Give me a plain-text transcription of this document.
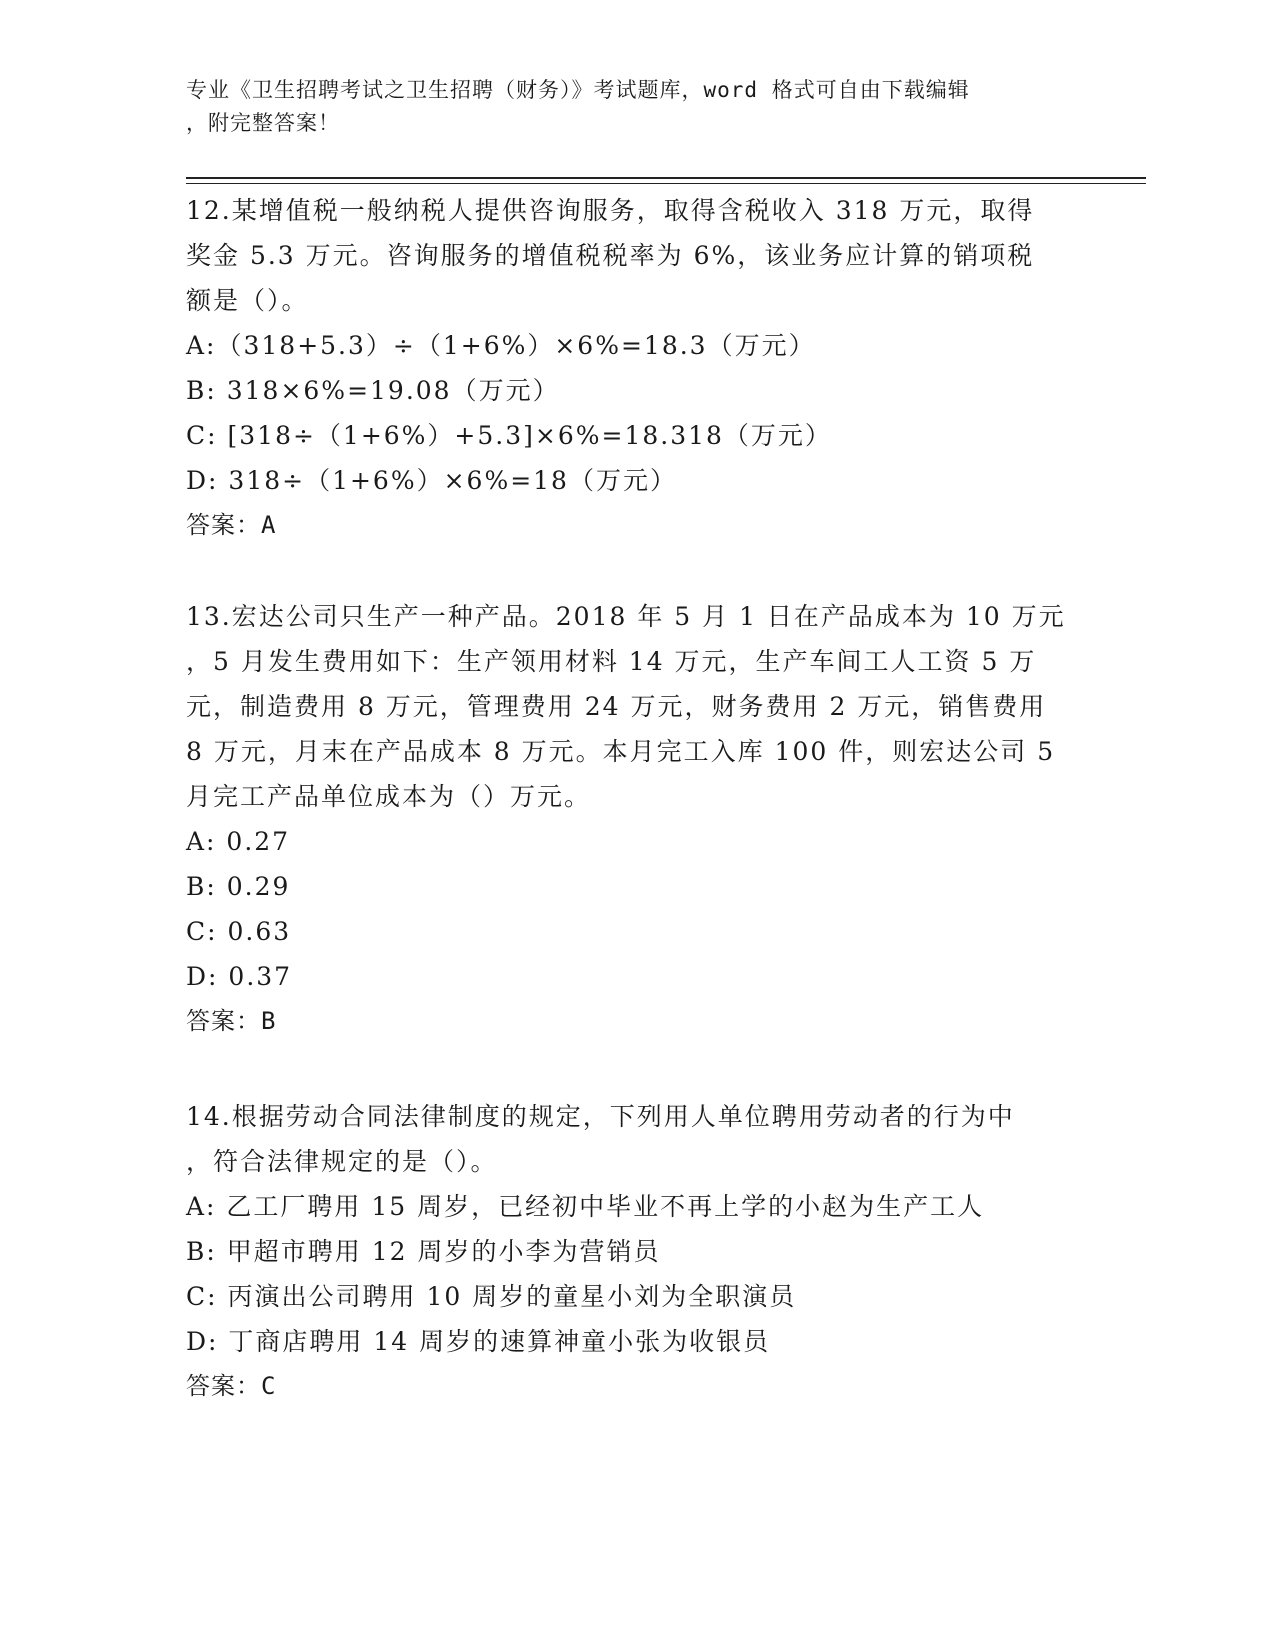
专业《卫生招聘考试之卫生招聘（财务）》考试题库，word 格式可自由下载编辑

，附完整答案！

12.某增值税一般纳税人提供咨询服务，取得含税收入 318 万元，取得
奖金 5.3 万元。咨询服务的增值税税率为 6%，该业务应计算的销项税
额是（）。

A:（318+5.3）÷（1+6%）×6%=18.3（万元）

B: 318×6%=19.08（万元）

C: [318÷（1+6%）+5.3]×6%=18.318（万元）

D: 318÷（1+6%）×6%=18（万元）

答案：A

13.宏达公司只生产一种产品。2018 年 5 月 1 日在产品成本为 10 万元
，5 月发生费用如下：生产领用材料 14 万元，生产车间工人工资 5 万
元，制造费用 8 万元，管理费用 24 万元，财务费用 2 万元，销售费用
8 万元，月末在产品成本 8 万元。本月完工入库 100 件，则宏达公司 5
月完工产品单位成本为（）万元。

A: 0.27

B: 0.29

C: 0.63

D: 0.37

答案：B

14.根据劳动合同法律制度的规定，下列用人单位聘用劳动者的行为中
，符合法律规定的是（）。

A: 乙工厂聘用 15 周岁，已经初中毕业不再上学的小赵为生产工人

B: 甲超市聘用 12 周岁的小李为营销员

C: 丙演出公司聘用 10 周岁的童星小刘为全职演员

D: 丁商店聘用 14 周岁的速算神童小张为收银员

答案：C
